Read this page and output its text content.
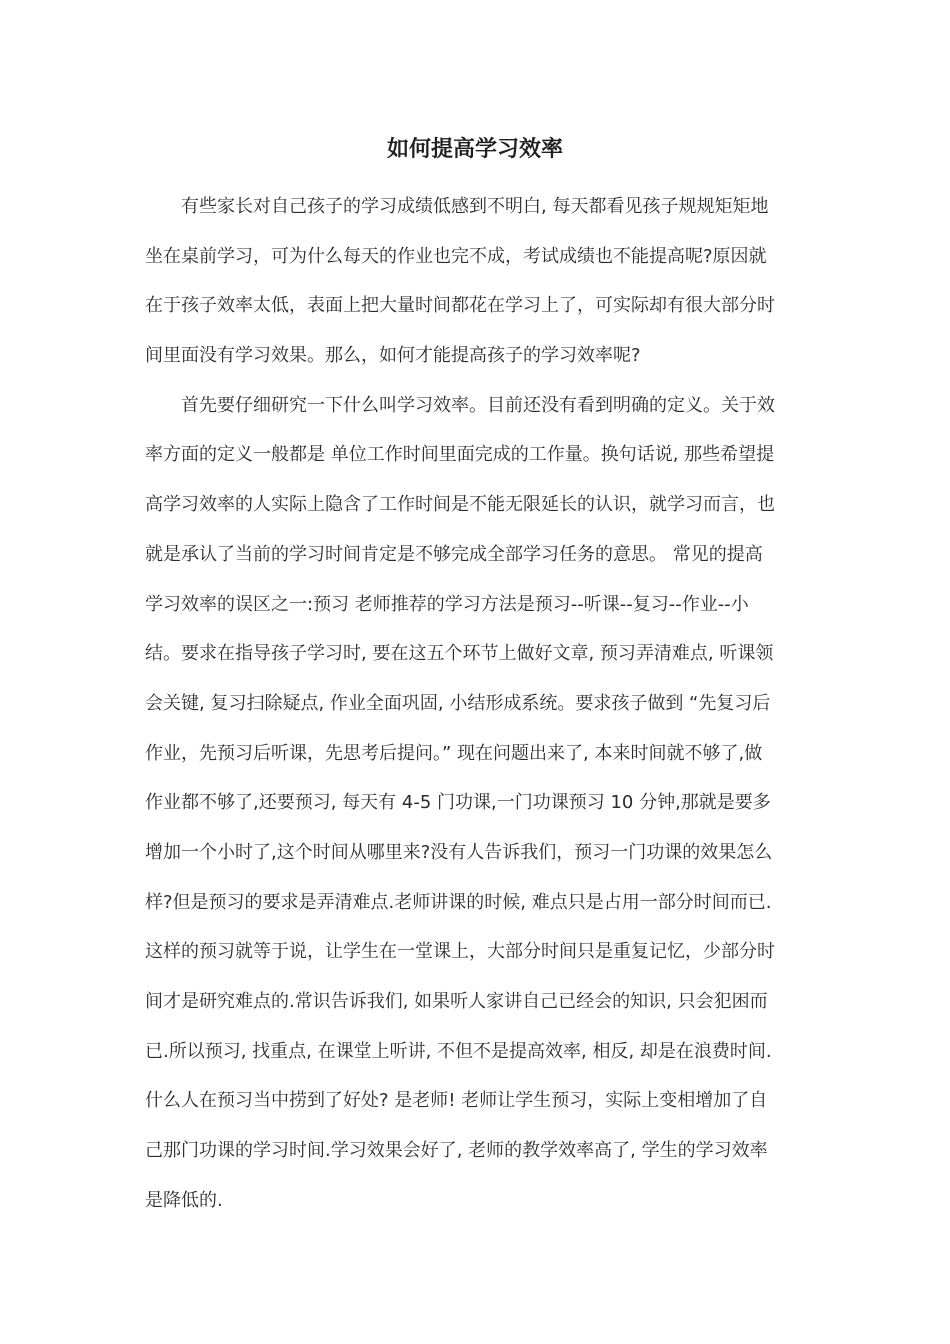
如何提高学习效率
有些家长对自己孩子的学习成绩低感到不明白, 每天都看见孩子规规矩矩地
坐在桌前学习，可为什么每天的作业也完不成，考试成绩也不能提高呢?原因就
在于孩子效率太低，表面上把大量时间都花在学习上了，可实际却有很大部分时
间里面没有学习效果。那么，如何才能提高孩子的学习效率呢?
首先要仔细研究一下什么叫学习效率。目前还没有看到明确的定义。关于效
率方面的定义一般都是 单位工作时间里面完成的工作量。换句话说, 那些希望提
高学习效率的人实际上隐含了工作时间是不能无限延长的认识，就学习而言，也
就是承认了当前的学习时间肯定是不够完成全部学习任务的意思。 常见的提高
学习效率的误区之一:预习 老师推荐的学习方法是预习--听课--复习--作业--小
结。要求在指导孩子学习时, 要在这五个环节上做好文章, 预习弄清难点, 听课领
会关键, 复习扫除疑点, 作业全面巩固, 小结形成系统。要求孩子做到 “先复习后
作业，先预习后听课，先思考后提问。” 现在问题出来了, 本来时间就不够了,做
作业都不够了,还要预习, 每天有 4-5 门功课,一门功课预习 10 分钟,那就是要多
增加一个小时了,这个时间从哪里来?没有人告诉我们，预习一门功课的效果怎么
样?但是预习的要求是弄清难点.老师讲课的时候, 难点只是占用一部分时间而已.
这样的预习就等于说，让学生在一堂课上，大部分时间只是重复记忆，少部分时
间才是研究难点的.常识告诉我们, 如果听人家讲自己已经会的知识, 只会犯困而
已.所以预习, 找重点, 在课堂上听讲, 不但不是提高效率, 相反, 却是在浪费时间.
什么人在预习当中捞到了好处? 是老师! 老师让学生预习，实际上变相增加了自
己那门功课的学习时间.学习效果会好了, 老师的教学效率高了, 学生的学习效率
是降低的.
